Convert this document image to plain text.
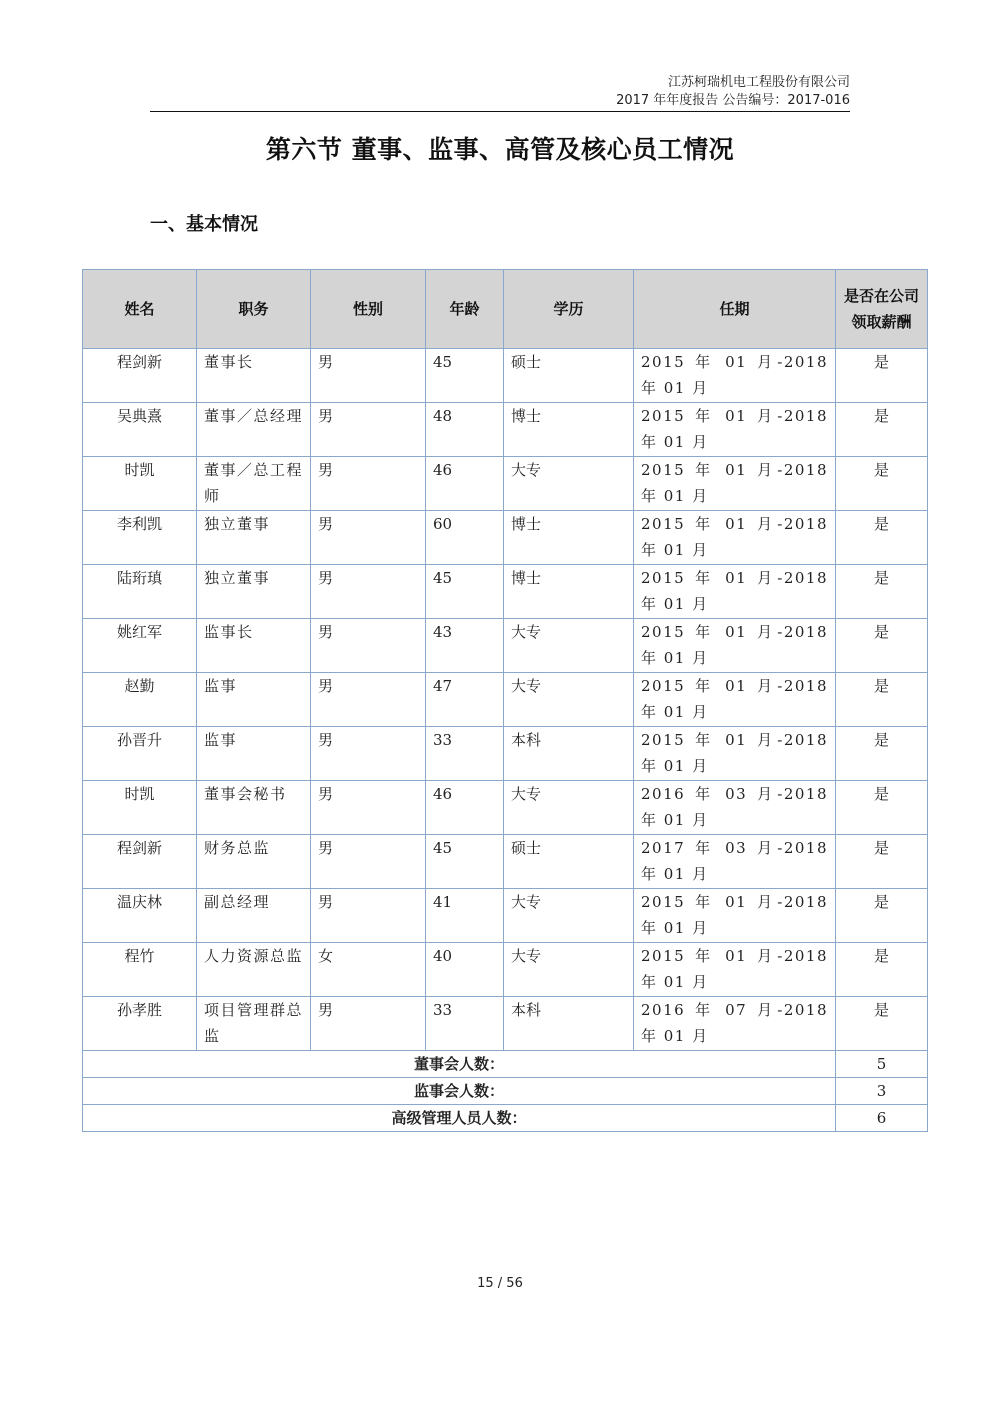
江苏柯瑞机电工程股份有限公司
2017 年年度报告 公告编号：2017-016
第六节 董事、监事、高管及核心员工情况
一、基本情况
姓名	职务	性别	年龄	学历	任期	是否在公司领取薪酬
程剑新	董事长	男	45	硕士	2015 年 01 月-2018 年 01 月	是
吴典熹	董事／总经理	男	48	博士	2015 年 01 月-2018 年 01 月	是
时凯	董事／总工程师	男	46	大专	2015 年 01 月-2018 年 01 月	是
李利凯	独立董事	男	60	博士	2015 年 01 月-2018 年 01 月	是
陆珩瑱	独立董事	男	45	博士	2015 年 01 月-2018 年 01 月	是
姚红军	监事长	男	43	大专	2015 年 01 月-2018 年 01 月	是
赵勤	监事	男	47	大专	2015 年 01 月-2018 年 01 月	是
孙晋升	监事	男	33	本科	2015 年 01 月-2018 年 01 月	是
时凯	董事会秘书	男	46	大专	2016 年 03 月-2018 年 01 月	是
程剑新	财务总监	男	45	硕士	2017 年 03 月-2018 年 01 月	是
温庆林	副总经理	男	41	大专	2015 年 01 月-2018 年 01 月	是
程竹	人力资源总监	女	40	大专	2015 年 01 月-2018 年 01 月	是
孙孝胜	项目管理群总监	男	33	本科	2016 年 07 月-2018 年 01 月	是
董事会人数：						5
监事会人数：						3
高级管理人员人数：						6
15 / 56
